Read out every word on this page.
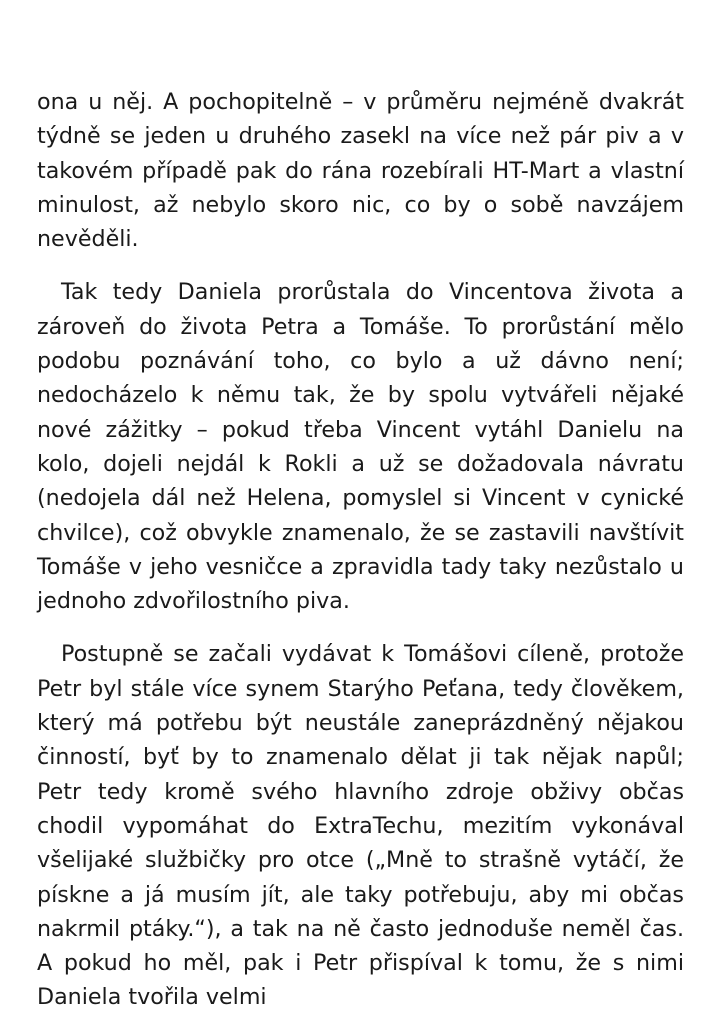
ona u něj. A pochopitelně – v průměru nejméně dvakrát týdně se jeden u druhého zasekl na více než pár piv a v takovém případě pak do rána rozebírali HT-Mart a vlastní minulost, až nebylo skoro nic, co by o sobě navzájem nevěděli.

Tak tedy Daniela prorůstala do Vincentova života a zároveň do života Petra a Tomáše. To prorůstání mělo podobu poznávání toho, co bylo a už dávno není; nedocházelo k němu tak, že by spolu vytvářeli nějaké nové zážitky – pokud třeba Vincent vytáhl Danielu na kolo, dojeli nejdál k Rokli a už se dožadovala návratu (nedojela dál než Helena, pomyslel si Vincent v cynické chvilce), což obvykle znamenalo, že se zastavili navštívit Tomáše v jeho vesničce a zpravidla tady taky nezůstalo u jednoho zdvořilostního piva.

Postupně se začali vydávat k Tomášovi cíleně, protože Petr byl stále více synem Starýho Peťana, tedy člověkem, který má potřebu být neustále zaneprázdněný nějakou činností, byť by to znamenalo dělat ji tak nějak napůl; Petr tedy kromě svého hlavního zdroje obživy občas chodil vypomáhat do ExtraTechu, mezitím vykonával všelijaké službičky pro otce („Mně to strašně vytáčí, že pískne a já musím jít, ale taky potřebuju, aby mi občas nakrmil ptáky.“), a tak na ně často jednoduše neměl čas. A pokud ho měl, pak i Petr přispíval k tomu, že s nimi Daniela tvořila velmi
